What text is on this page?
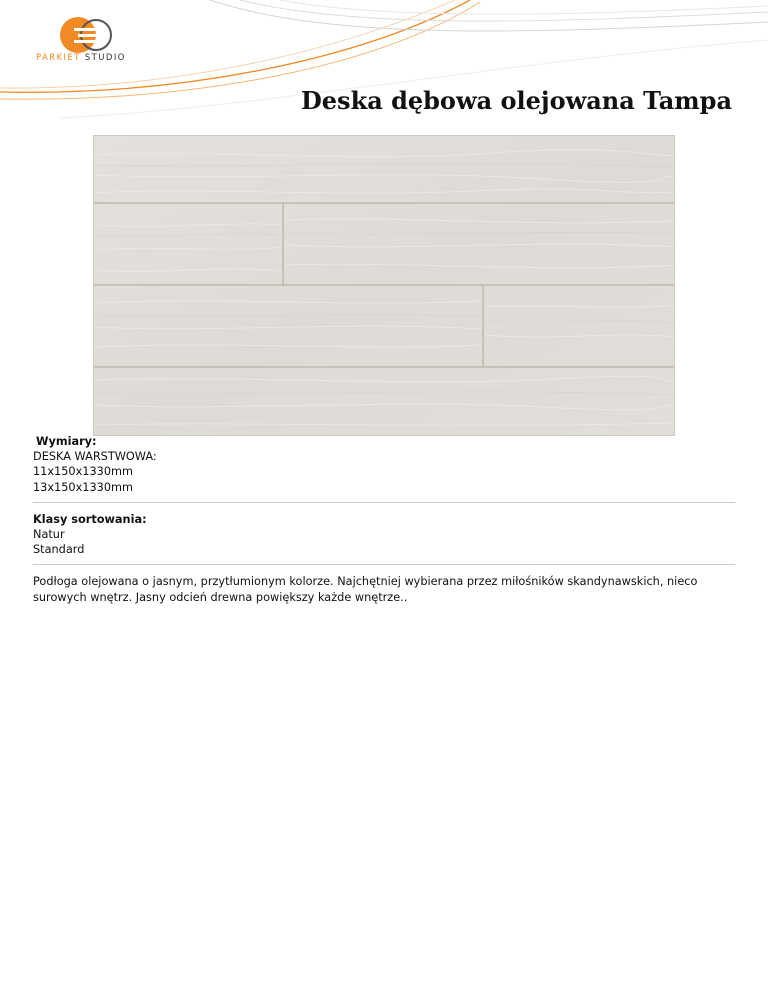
PARKIET STUDIO
Deska dębowa olejowana Tampa
Wymiary:
DESKA WARSTWOWA:
11x150x1330mm
13x150x1330mm
Klasy sortowania:
Natur
Standard
Podłoga olejowana o jasnym, przytłumionym kolorze. Najchętniej wybierana przez miłośników skandynawskich, nieco surowych wnętrz. Jasny odcień drewna powiększy każde wnętrze..
